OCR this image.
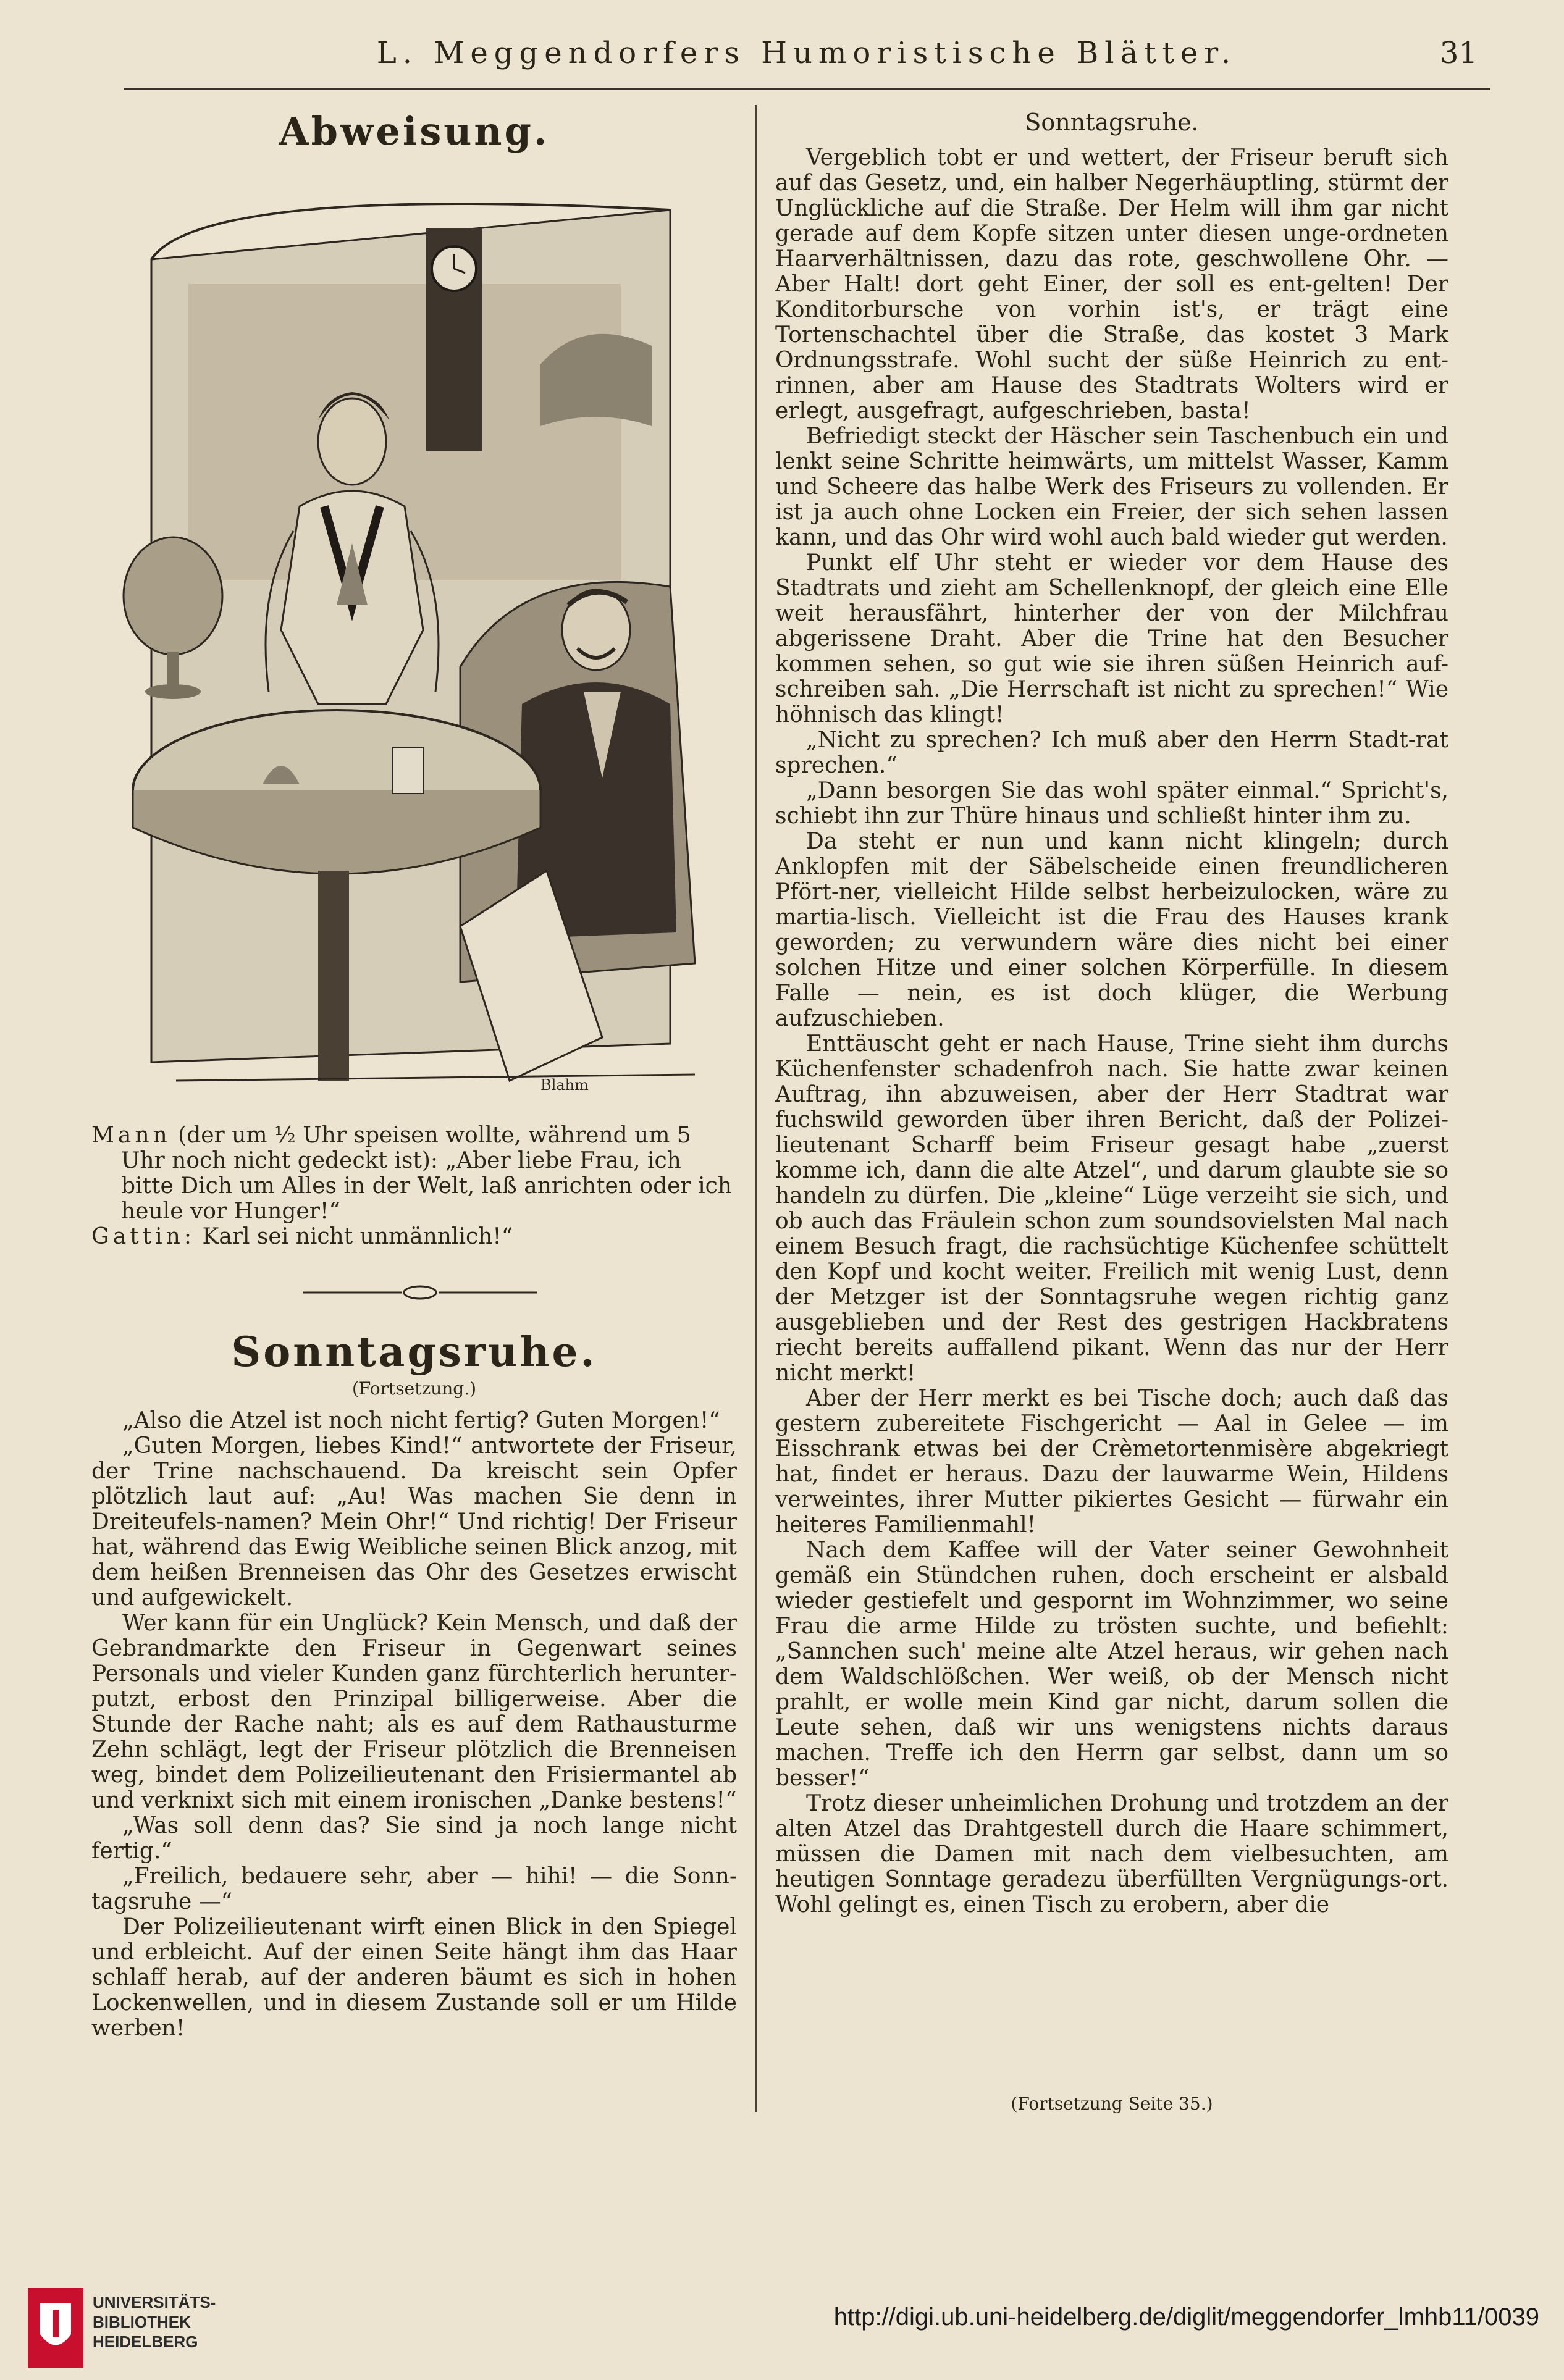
L. Meggendorfers Humoristische Blätter.	31
Abweisung.
Blahm

Mann (der um ½ Uhr speisen wollte, während um 5 Uhr noch nicht gedeckt ist): „Aber liebe Frau, ich bitte Dich um Alles in der Welt, laß anrichten oder ich heule vor Hunger!“

Gattin: Karl sei nicht unmännlich!“

Sonntagsruhe.
(Fortsetzung.)

„Also die Atzel ist noch nicht fertig? Guten Morgen!“

„Guten Morgen, liebes Kind!“ antwortete der Friseur, der Trine nachschauend. Da kreischt sein Opfer plötzlich laut auf: „Au! Was machen Sie denn in Dreiteufels-namen? Mein Ohr!“ Und richtig! Der Friseur hat, während das Ewig Weibliche seinen Blick anzog, mit dem heißen Brenneisen das Ohr des Gesetzes erwischt und aufgewickelt.

Wer kann für ein Unglück? Kein Mensch, und daß der Gebrandmarkte den Friseur in Gegenwart seines Personals und vieler Kunden ganz fürchterlich herunter-putzt, erbost den Prinzipal billigerweise. Aber die Stunde der Rache naht; als es auf dem Rathausturme Zehn schlägt, legt der Friseur plötzlich die Brenneisen weg, bindet dem Polizeilieutenant den Frisiermantel ab und verknixt sich mit einem ironischen „Danke bestens!“

„Was soll denn das? Sie sind ja noch lange nicht fertig.“

„Freilich, bedauere sehr, aber — hihi! — die Sonn-tagsruhe —“

Der Polizeilieutenant wirft einen Blick in den Spiegel und erbleicht. Auf der einen Seite hängt ihm das Haar schlaff herab, auf der anderen bäumt es sich in hohen Lockenwellen, und in diesem Zustande soll er um Hilde werben!

Sonntagsruhe.

Vergeblich tobt er und wettert, der Friseur beruft sich auf das Gesetz, und, ein halber Negerhäuptling, stürmt der Unglückliche auf die Straße. Der Helm will ihm gar nicht gerade auf dem Kopfe sitzen unter diesen unge-ordneten Haarverhältnissen, dazu das rote, geschwollene Ohr. — Aber Halt! dort geht Einer, der soll es ent-gelten! Der Konditorbursche von vorhin ist's, er trägt eine Tortenschachtel über die Straße, das kostet 3 Mark Ordnungsstrafe. Wohl sucht der süße Heinrich zu ent-rinnen, aber am Hause des Stadtrats Wolters wird er erlegt, ausgefragt, aufgeschrieben, basta!

Befriedigt steckt der Häscher sein Taschenbuch ein und lenkt seine Schritte heimwärts, um mittelst Wasser, Kamm und Scheere das halbe Werk des Friseurs zu vollenden. Er ist ja auch ohne Locken ein Freier, der sich sehen lassen kann, und das Ohr wird wohl auch bald wieder gut werden.

Punkt elf Uhr steht er wieder vor dem Hause des Stadtrats und zieht am Schellenknopf, der gleich eine Elle weit herausfährt, hinterher der von der Milchfrau abgerissene Draht. Aber die Trine hat den Besucher kommen sehen, so gut wie sie ihren süßen Heinrich auf-schreiben sah. „Die Herrschaft ist nicht zu sprechen!“ Wie höhnisch das klingt!

„Nicht zu sprechen? Ich muß aber den Herrn Stadt-rat sprechen.“

„Dann besorgen Sie das wohl später einmal.“ Spricht's, schiebt ihn zur Thüre hinaus und schließt hinter ihm zu.

Da steht er nun und kann nicht klingeln; durch Anklopfen mit der Säbelscheide einen freundlicheren Pfört-ner, vielleicht Hilde selbst herbeizulocken, wäre zu martia-lisch. Vielleicht ist die Frau des Hauses krank geworden; zu verwundern wäre dies nicht bei einer solchen Hitze und einer solchen Körperfülle. In diesem Falle — nein, es ist doch klüger, die Werbung aufzuschieben.

Enttäuscht geht er nach Hause, Trine sieht ihm durchs Küchenfenster schadenfroh nach. Sie hatte zwar keinen Auftrag, ihn abzuweisen, aber der Herr Stadtrat war fuchswild geworden über ihren Bericht, daß der Polizei-lieutenant Scharff beim Friseur gesagt habe „zuerst komme ich, dann die alte Atzel“, und darum glaubte sie so handeln zu dürfen. Die „kleine“ Lüge verzeiht sie sich, und ob auch das Fräulein schon zum soundsovielsten Mal nach einem Besuch fragt, die rachsüchtige Küchenfee schüttelt den Kopf und kocht weiter. Freilich mit wenig Lust, denn der Metzger ist der Sonntagsruhe wegen richtig ganz ausgeblieben und der Rest des gestrigen Hackbratens riecht bereits auffallend pikant. Wenn das nur der Herr nicht merkt!

Aber der Herr merkt es bei Tische doch; auch daß das gestern zubereitete Fischgericht — Aal in Gelee — im Eisschrank etwas bei der Crèmetortenmisère abgekriegt hat, findet er heraus. Dazu der lauwarme Wein, Hildens verweintes, ihrer Mutter pikiertes Gesicht — fürwahr ein heiteres Familienmahl!

Nach dem Kaffee will der Vater seiner Gewohnheit gemäß ein Stündchen ruhen, doch erscheint er alsbald wieder gestiefelt und gespornt im Wohnzimmer, wo seine Frau die arme Hilde zu trösten suchte, und befiehlt: „Sannchen such' meine alte Atzel heraus, wir gehen nach dem Waldschlößchen. Wer weiß, ob der Mensch nicht prahlt, er wolle mein Kind gar nicht, darum sollen die Leute sehen, daß wir uns wenigstens nichts daraus machen. Treffe ich den Herrn gar selbst, dann um so besser!“

Trotz dieser unheimlichen Drohung und trotzdem an der alten Atzel das Drahtgestell durch die Haare schimmert, müssen die Damen mit nach dem vielbesuchten, am heutigen Sonntage geradezu überfüllten Vergnügungs-ort. Wohl gelingt es, einen Tisch zu erobern, aber die

(Fortsetzung Seite 35.)
UNIVERSITÄTS-
BIBLIOTHEK
HEIDELBERG
http://digi.ub.uni-heidelberg.de/diglit/meggendorfer_lmhb11/0039
